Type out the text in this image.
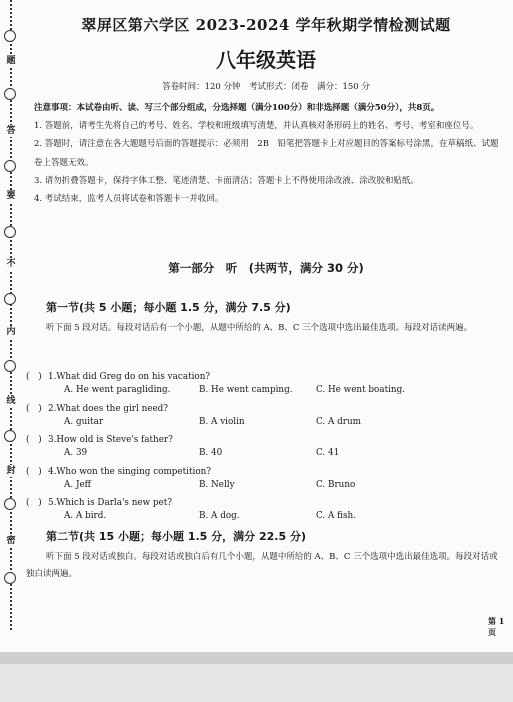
题
答
要
不
内
线
封
密
翠屏区第六学区 2023-2024 学年秋期学情检测试题
八年级英语
答卷时间：120 分钟　考试形式：闭卷　满分：150 分

注意事项：本试卷由听、读、写三个部分组成，分选择题（满分100分）和非选择题（满分50分），共8页。

1. 答题前，请考生先将自己的考号、姓名、学校和班级填写清楚，并认真核对条形码上的姓名、考号、考室和座位号。

2. 答题时，请注意在各大题题号后面的答题提示：必须用　2B　铅笔把答题卡上对应题目的答案标号涂黑，在草稿纸、试题卷上答题无效。

3. 请勿折叠答题卡，保持字体工整、笔迹清楚、卡面清洁；答题卡上不得使用涂改液、涂改胶和贴纸。

4. 考试结束，监考人员将试卷和答题卡一并收回。

第一部分　听　(共两节，满分 30 分)
第一节(共 5 小题；每小题 1.5 分，满分 7.5 分)
听下面 5 段对话。每段对话后有一个小题，从题中所给的 A、B、C 三个选项中选出最佳选项。每段对话读两遍。
(　) 1.What did Greg do on his vacation?
A. He went paragliding.	B. He went camping.	C. He went boating.
(　) 2.What does the girl need?
A. guitar	B. A violin	C. A drum
(　) 3.How old is Steve's father?
A. 39	B. 40	C. 41
(　) 4.Who won the singing competition?
A. Jeff	B. Nelly	C. Bruno
(　) 5.Which is Darla's new pet?
A. A bird.	B. A dog.	C. A fish.
第二节(共 15 小题；每小题 1.5 分，满分 22.5 分)
听下面 5 段对话或独白。每段对话或独白后有几个小题，从题中所给的 A、B、C 三个选项中选出最佳选项。每段对话或独白读两遍。
第 1 页
